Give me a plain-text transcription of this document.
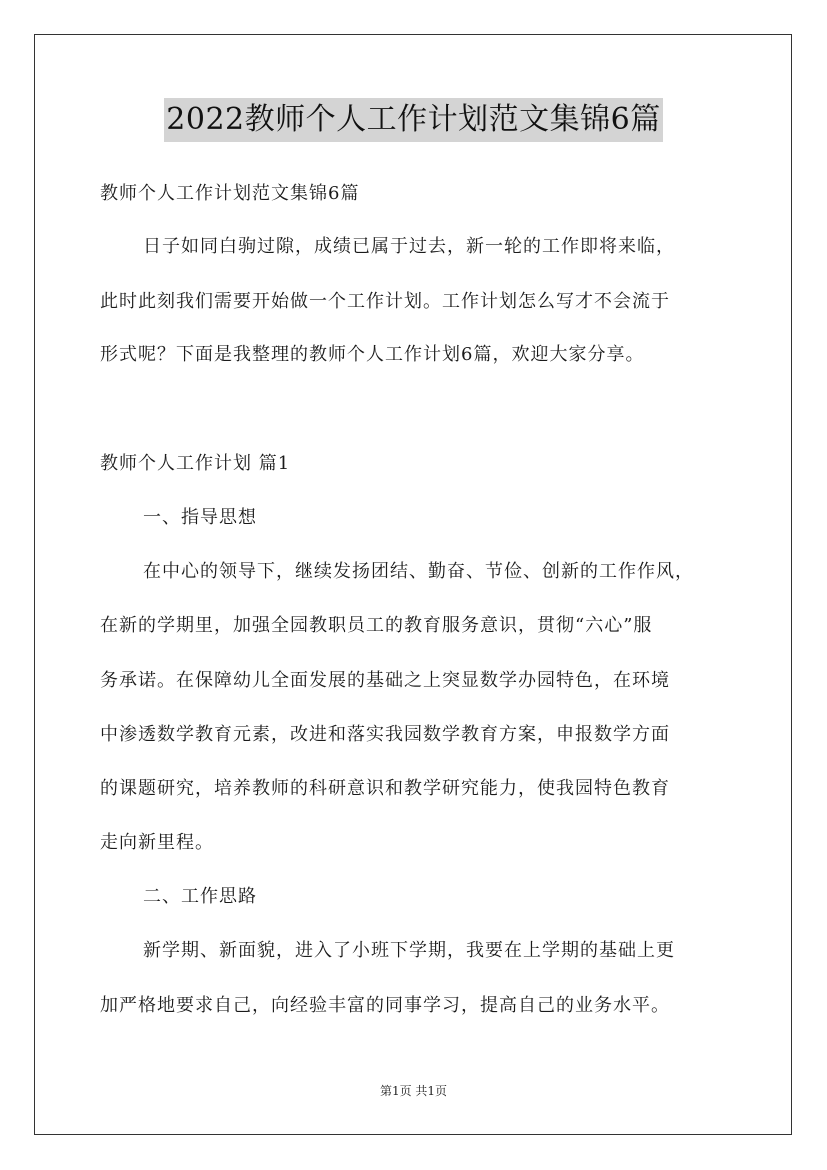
2022教师个人工作计划范文集锦6篇
教师个人工作计划范文集锦6篇
日子如同白驹过隙，成绩已属于过去，新一轮的工作即将来临，
此时此刻我们需要开始做一个工作计划。工作计划怎么写才不会流于
形式呢？下面是我整理的教师个人工作计划6篇，欢迎大家分享。
教师个人工作计划 篇1
一、指导思想
在中心的领导下，继续发扬团结、勤奋、节俭、创新的工作作风，
在新的学期里，加强全园教职员工的教育服务意识，贯彻“六心”服
务承诺。在保障幼儿全面发展的基础之上突显数学办园特色，在环境
中渗透数学教育元素，改进和落实我园数学教育方案，申报数学方面
的课题研究，培养教师的科研意识和教学研究能力，使我园特色教育
走向新里程。
二、工作思路
新学期、新面貌，进入了小班下学期，我要在上学期的基础上更
加严格地要求自己，向经验丰富的同事学习，提高自己的业务水平。
第1页 共1页
